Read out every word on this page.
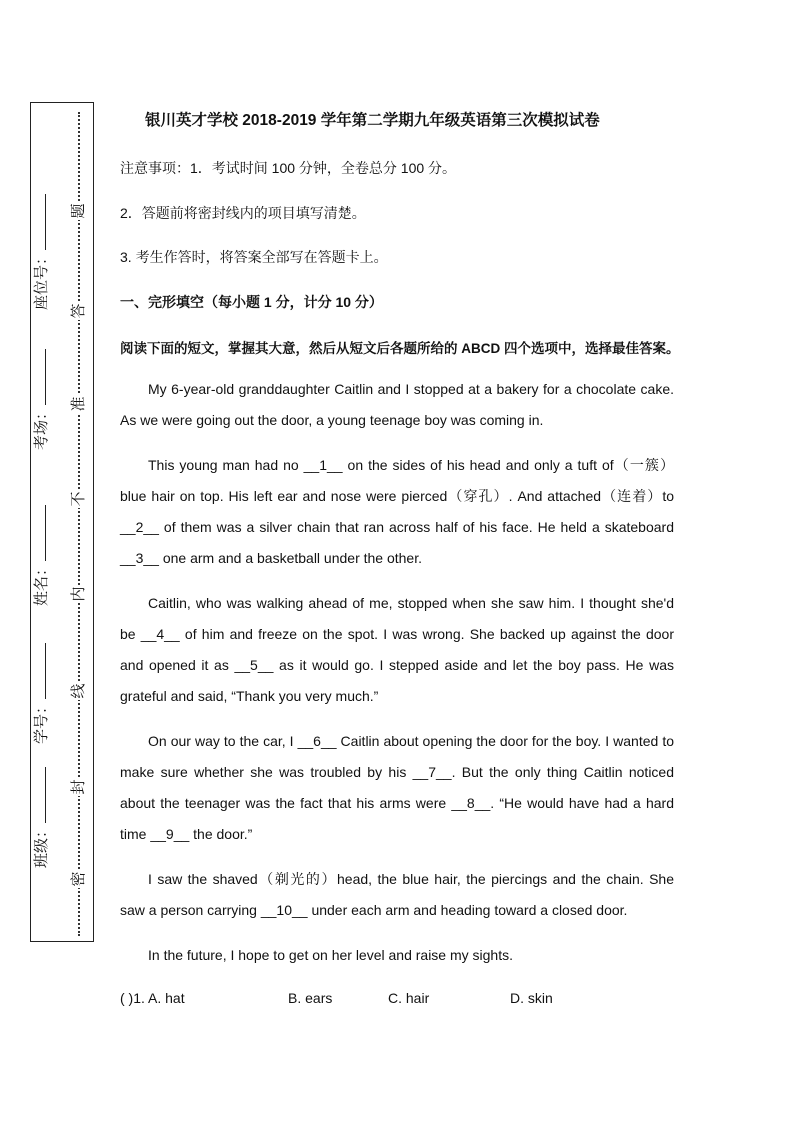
题
答
准
不
内
线
封
密
座位号：
考场：
姓名：
学号：
班级：
银川英才学校 2018-2019 学年第二学期九年级英语第三次模拟试卷
注意事项：1．考试时间 100 分钟，全卷总分 100 分。
2．答题前将密封线内的项目填写清楚。
3. 考生作答时，将答案全部写在答题卡上。
一、完形填空（每小题 1 分，计分 10 分）
阅读下面的短文，掌握其大意，然后从短文后各题所给的 ABCD 四个选项中，选择最佳答案。
My 6-year-old granddaughter Caitlin and I stopped at a bakery for a chocolate cake. As we were going out the door, a young teenage boy was coming in.
This young man had no __1__ on the sides of his head and only a tuft of（一簇）blue hair on top. His left ear and nose were pierced（穿孔）. And attached（连着）to __2__ of them was a silver chain that ran across half of his face. He held a skateboard __3__ one arm and a basketball under the other.
Caitlin, who was walking ahead of me, stopped when she saw him. I thought she'd be __4__ of him and freeze on the spot. I was wrong. She backed up against the door and opened it as __5__ as it would go. I stepped aside and let the boy pass. He was grateful and said, “Thank you very much.”
On our way to the car, I __6__ Caitlin about opening the door for the boy. I wanted to make sure whether she was troubled by his __7__. But the only thing Caitlin noticed about the teenager was the fact that his arms were __8__. “He would have had a hard time __9__ the door.”
I saw the shaved（剃光的）head, the blue hair, the piercings and the chain. She saw a person carrying __10__ under each arm and heading toward a closed door.
In the future, I hope to get on her level and raise my sights.
( )1. A. hat	B. ears	C. hair	D. skin
